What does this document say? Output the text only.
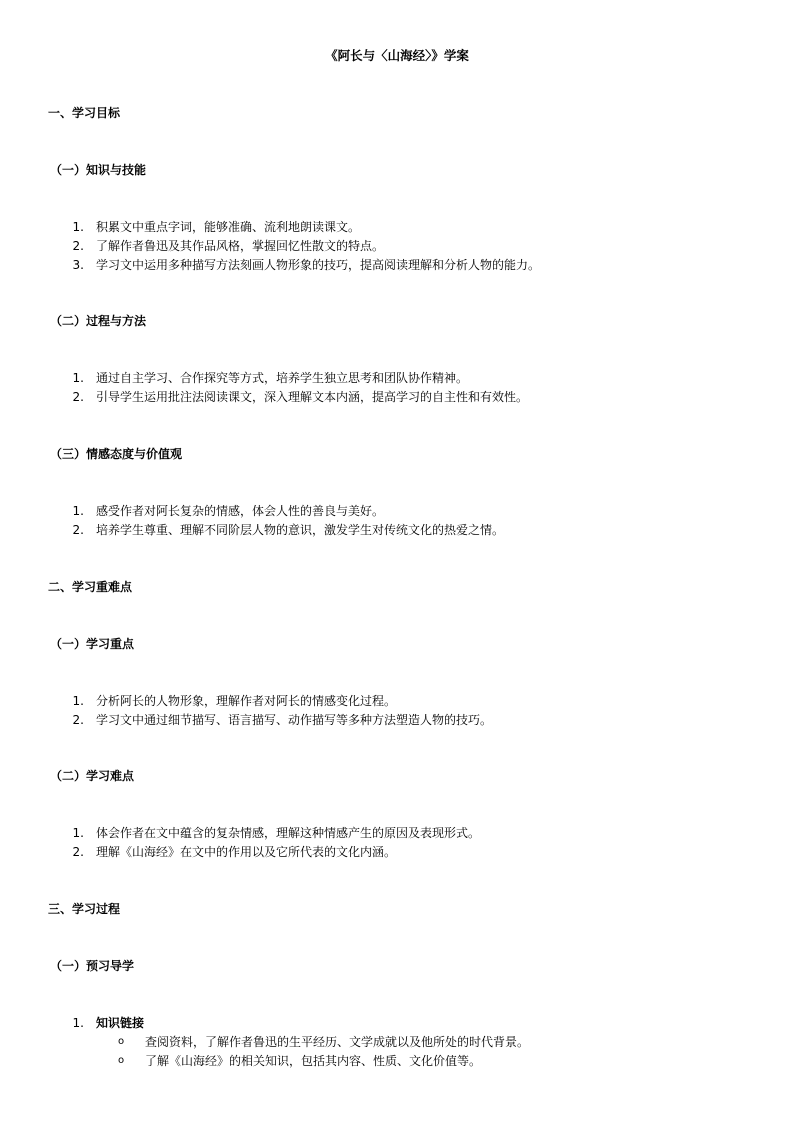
《阿长与〈山海经〉》学案
一、学习目标
（一）知识与技能
1. 积累文中重点字词，能够准确、流利地朗读课文。
2. 了解作者鲁迅及其作品风格，掌握回忆性散文的特点。
3. 学习文中运用多种描写方法刻画人物形象的技巧，提高阅读理解和分析人物的能力。
（二）过程与方法
1. 通过自主学习、合作探究等方式，培养学生独立思考和团队协作精神。
2. 引导学生运用批注法阅读课文，深入理解文本内涵，提高学习的自主性和有效性。
（三）情感态度与价值观
1. 感受作者对阿长复杂的情感，体会人性的善良与美好。
2. 培养学生尊重、理解不同阶层人物的意识，激发学生对传统文化的热爱之情。
二、学习重难点
（一）学习重点
1. 分析阿长的人物形象，理解作者对阿长的情感变化过程。
2. 学习文中通过细节描写、语言描写、动作描写等多种方法塑造人物的技巧。
（二）学习难点
1. 体会作者在文中蕴含的复杂情感，理解这种情感产生的原因及表现形式。
2. 理解《山海经》在文中的作用以及它所代表的文化内涵。
三、学习过程
（一）预习导学
1. 知识链接
o 查阅资料，了解作者鲁迅的生平经历、文学成就以及他所处的时代背景。
o 了解《山海经》的相关知识，包括其内容、性质、文化价值等。
